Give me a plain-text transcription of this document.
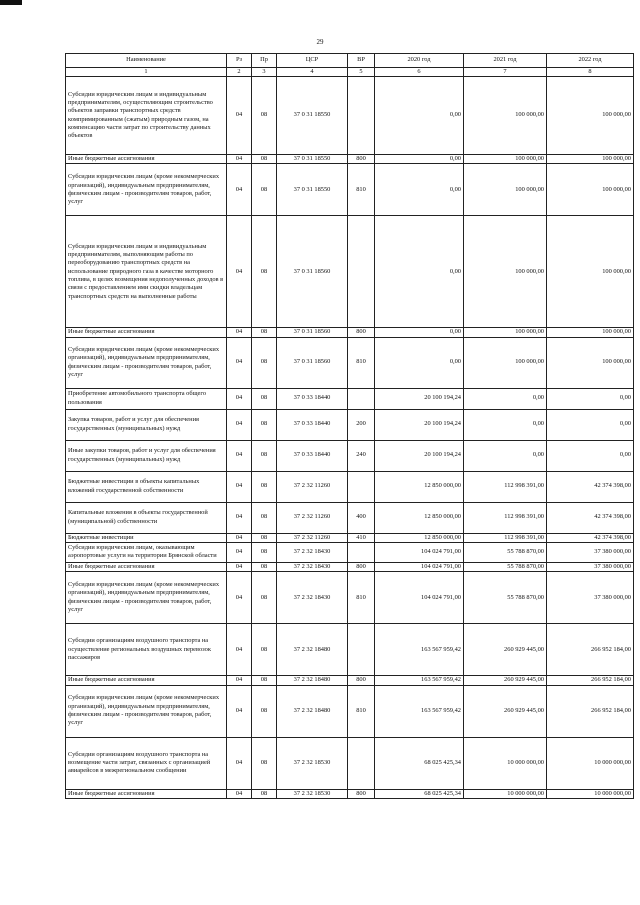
29
Наименование	Рз	Пр	ЦСР	ВР	2020 год	2021 год	2022 год
1	2	3	4	5	6	7	8
Субсидии юридическим лицам и индивидуальным предпринимателям, осуществляющим строительство объектов заправки транспортных средств компримированным (сжатым) природным газом, на компенсацию части затрат по строительству данных объектов	04	08	37 0 31 18550		0,00	100 000,00	100 000,00
Иные бюджетные ассигнования	04	08	37 0 31 18550	800	0,00	100 000,00	100 000,00
Субсидии юридическим лицам (кроме некоммерческих организаций), индивидуальным предпринимателям, физическим лицам - производителям товаров, работ, услуг	04	08	37 0 31 18550	810	0,00	100 000,00	100 000,00
Субсидии юридическим лицам и индивидуальным предпринимателям, выполняющим работы по переоборудованию транспортных средств на использование природного газа в качестве моторного топлива, в целях возмещения недополученных доходов в связи с предоставлением ими скидки владельцам транспортных средств на выполненные работы	04	08	37 0 31 18560		0,00	100 000,00	100 000,00
Иные бюджетные ассигнования	04	08	37 0 31 18560	800	0,00	100 000,00	100 000,00
Субсидии юридическим лицам (кроме некоммерческих организаций), индивидуальным предпринимателям, физическим лицам - производителям товаров, работ, услуг	04	08	37 0 31 18560	810	0,00	100 000,00	100 000,00
Приобретение автомобильного транспорта общего пользования	04	08	37 0 33 18440		20 100 194,24	0,00	0,00
Закупка товаров, работ и услуг для обеспечения государственных (муниципальных) нужд	04	08	37 0 33 18440	200	20 100 194,24	0,00	0,00
Иные закупки товаров, работ и услуг для обеспечения государственных (муниципальных) нужд	04	08	37 0 33 18440	240	20 100 194,24	0,00	0,00
Бюджетные инвестиции в объекты капитальных вложений государственной собственности	04	08	37 2 32 11260		12 850 000,00	112 998 391,00	42 374 398,00
Капитальные вложения в объекты государственной (муниципальной) собственности	04	08	37 2 32 11260	400	12 850 000,00	112 998 391,00	42 374 398,00
Бюджетные инвестиции	04	08	37 2 32 11260	410	12 850 000,00	112 998 391,00	42 374 398,00
Субсидии юридическим лицам, оказывающим аэропортовые услуги на территории Брянской области	04	08	37 2 32 18430		104 024 791,00	55 788 870,00	37 380 000,00
Иные бюджетные ассигнования	04	08	37 2 32 18430	800	104 024 791,00	55 788 870,00	37 380 000,00
Субсидии юридическим лицам (кроме некоммерческих организаций), индивидуальным предпринимателям, физическим лицам - производителям товаров, работ, услуг	04	08	37 2 32 18430	810	104 024 791,00	55 788 870,00	37 380 000,00
Субсидии организациям воздушного транспорта на осуществление региональных воздушных перевозок пассажиров	04	08	37 2 32 18480		163 567 959,42	260 929 445,00	266 952 184,00
Иные бюджетные ассигнования	04	08	37 2 32 18480	800	163 567 959,42	260 929 445,00	266 952 184,00
Субсидии юридическим лицам (кроме некоммерческих организаций), индивидуальным предпринимателям, физическим лицам - производителям товаров, работ, услуг	04	08	37 2 32 18480	810	163 567 959,42	260 929 445,00	266 952 184,00
Субсидии организациям воздушного транспорта на возмещение части затрат, связанных с организацией авиарейсов в межрегиональном сообщении	04	08	37 2 32 18530		68 025 425,34	10 000 000,00	10 000 000,00
Иные бюджетные ассигнования	04	08	37 2 32 18530	800	68 025 425,34	10 000 000,00	10 000 000,00
